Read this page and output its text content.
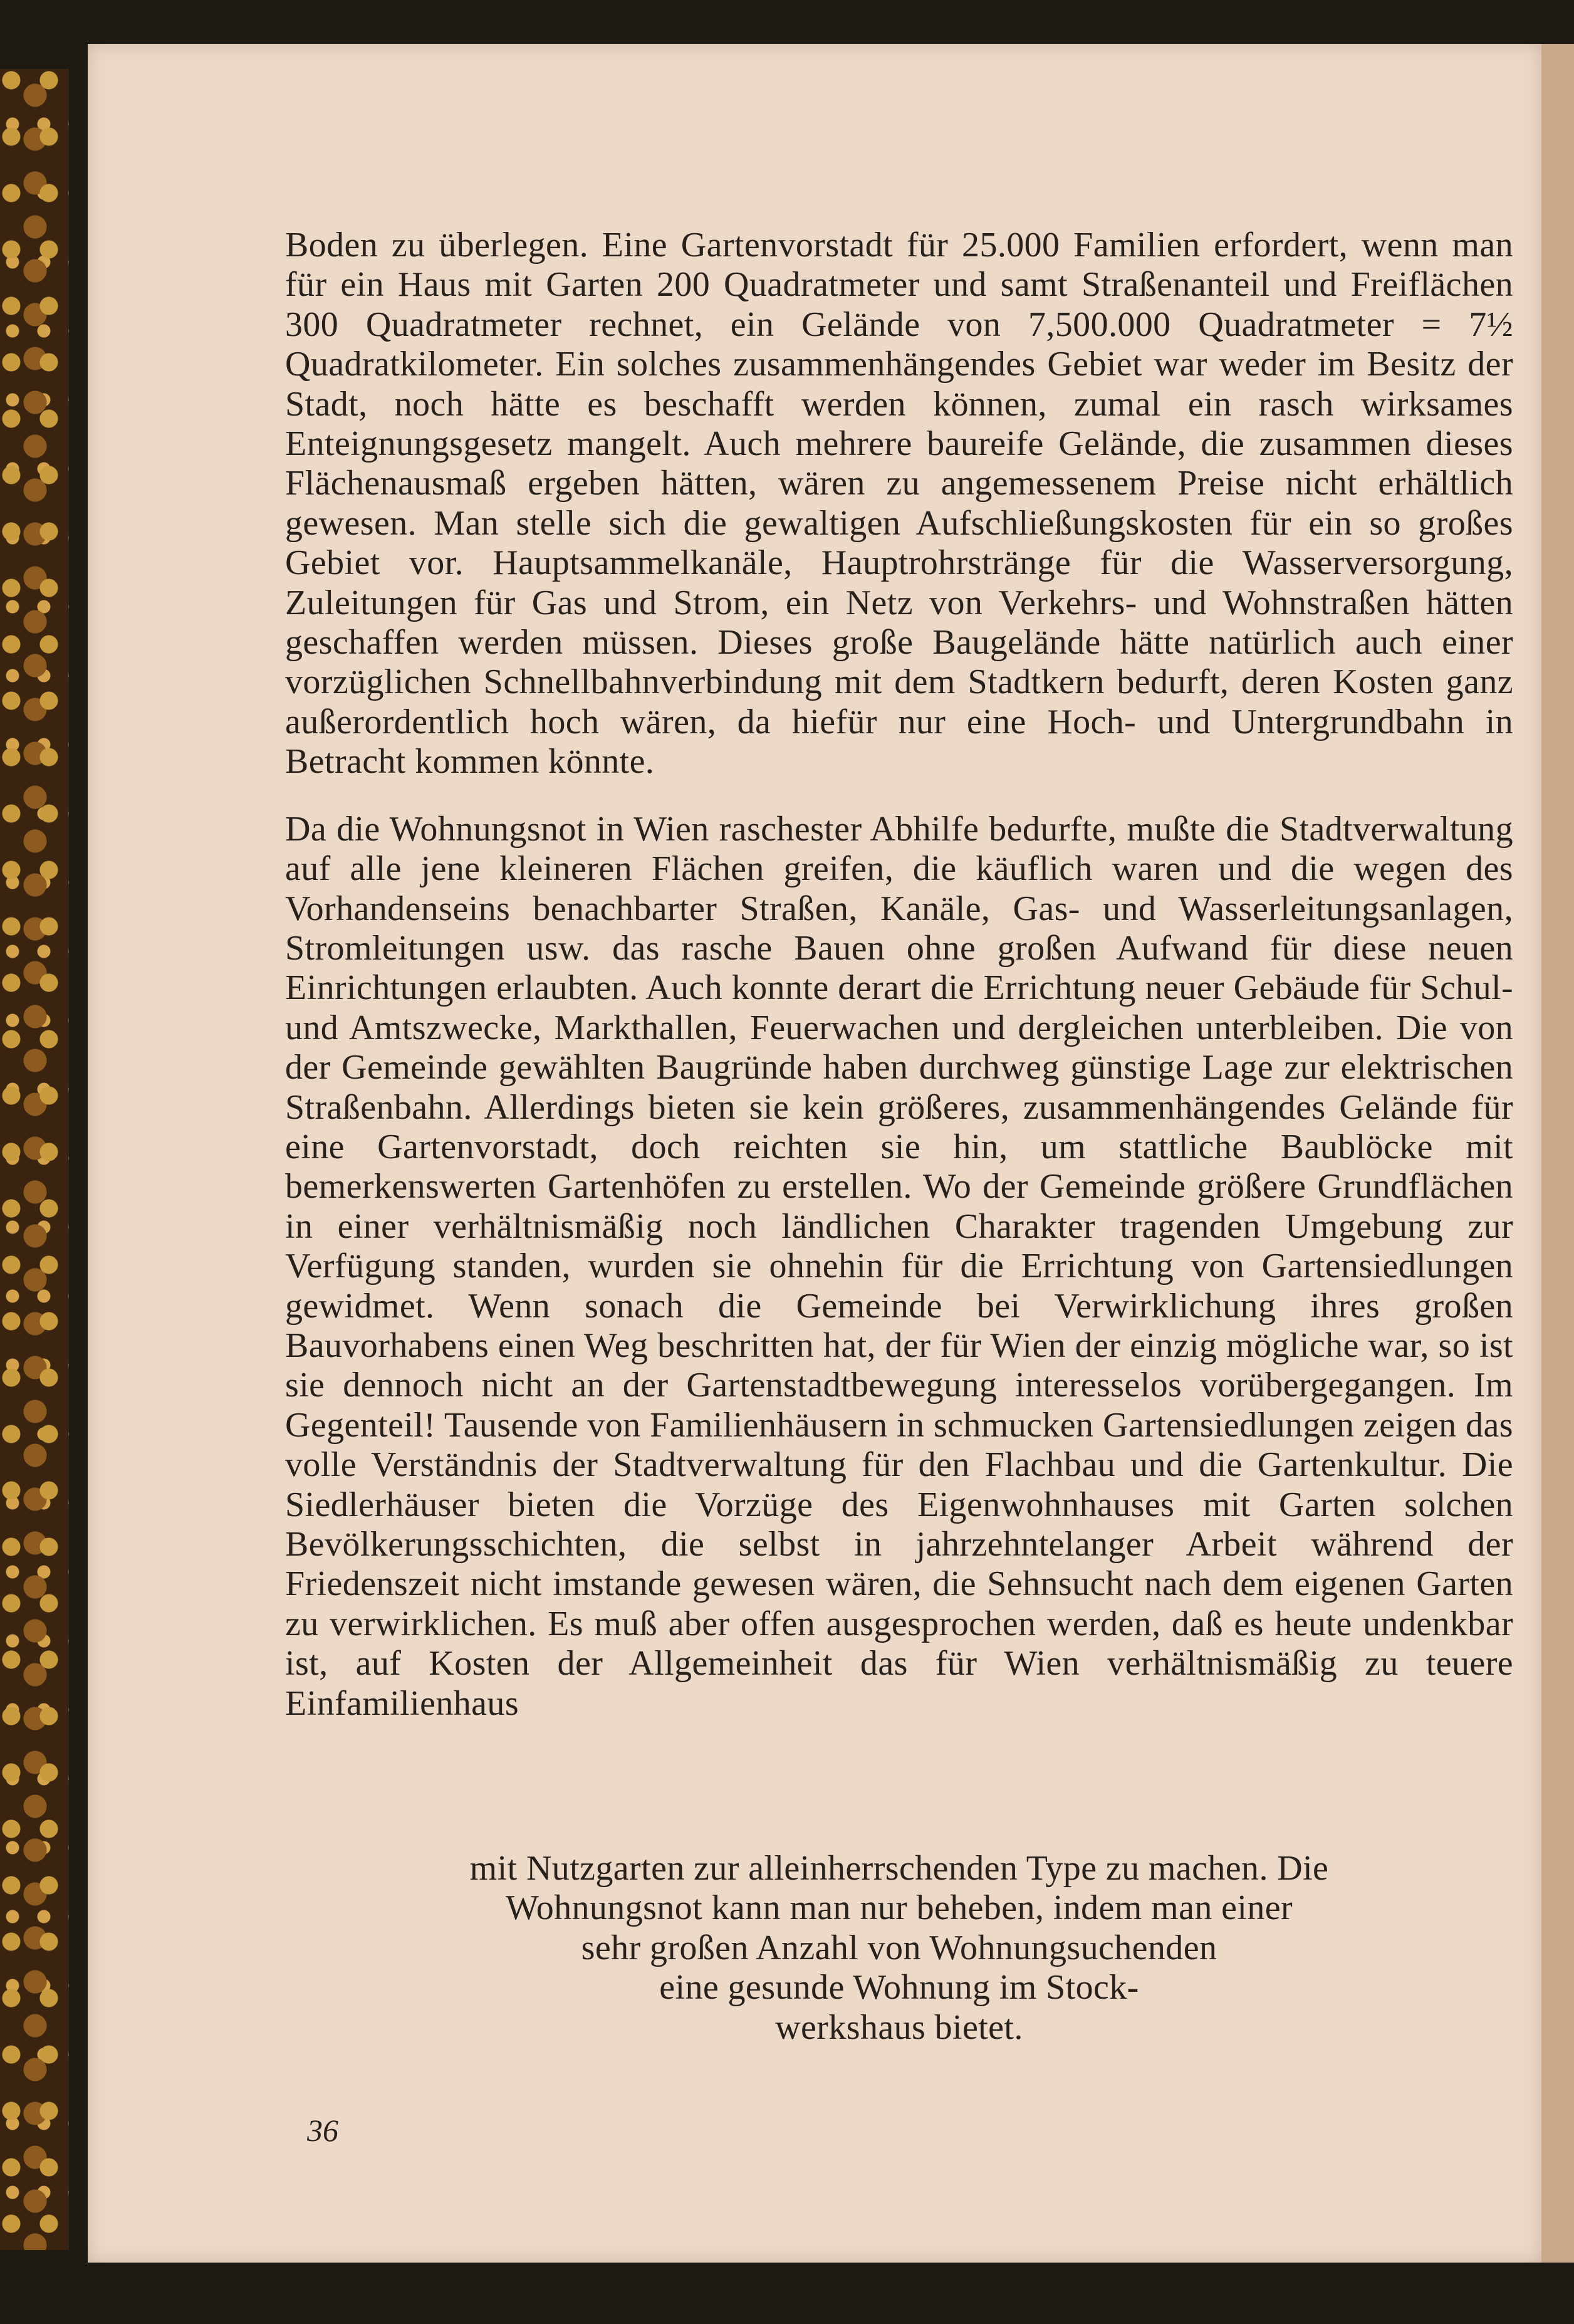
Boden zu überlegen. Eine Gartenvorstadt für 25.000 Familien erfordert, wenn man für ein Haus mit Garten 200 Quadratmeter und samt Straßenanteil und Freiflächen 300 Quadratmeter rechnet, ein Gelände von 7,500.000 Quadratmeter = 7½ Quadratkilometer. Ein solches zusammenhängendes Gebiet war weder im Besitz der Stadt, noch hätte es beschafft werden können, zumal ein rasch wirksames Enteignungsgesetz mangelt. Auch mehrere baureife Gelände, die zusammen dieses Flächenausmaß ergeben hätten, wären zu angemessenem Preise nicht erhältlich gewesen. Man stelle sich die gewaltigen Aufschließungskosten für ein so großes Gebiet vor. Hauptsammelkanäle, Hauptrohrstränge für die Wasserversorgung, Zuleitungen für Gas und Strom, ein Netz von Verkehrs- und Wohnstraßen hätten geschaffen werden müssen. Dieses große Baugelände hätte natürlich auch einer vorzüglichen Schnellbahnverbindung mit dem Stadtkern bedurft, deren Kosten ganz außerordentlich hoch wären, da hiefür nur eine Hoch- und Untergrundbahn in Betracht kommen könnte.

Da die Wohnungsnot in Wien raschester Abhilfe bedurfte, mußte die Stadtverwaltung auf alle jene kleineren Flächen greifen, die käuflich waren und die wegen des Vorhandenseins benachbarter Straßen, Kanäle, Gas- und Wasserleitungsanlagen, Stromleitungen usw. das rasche Bauen ohne großen Aufwand für diese neuen Einrichtungen erlaubten. Auch konnte derart die Errichtung neuer Gebäude für Schul- und Amtszwecke, Markthallen, Feuerwachen und dergleichen unterbleiben. Die von der Gemeinde gewählten Baugründe haben durchweg günstige Lage zur elektrischen Straßenbahn. Allerdings bieten sie kein größeres, zusammenhängendes Gelände für eine Gartenvorstadt, doch reichten sie hin, um stattliche Baublöcke mit bemerkenswerten Gartenhöfen zu erstellen. Wo der Gemeinde größere Grundflächen in einer verhältnismäßig noch ländlichen Charakter tragenden Umgebung zur Verfügung standen, wurden sie ohnehin für die Errichtung von Gartensiedlungen gewidmet. Wenn sonach die Gemeinde bei Verwirklichung ihres großen Bauvorhabens einen Weg beschritten hat, der für Wien der einzig mögliche war, so ist sie dennoch nicht an der Gartenstadtbewegung interesselos vorübergegangen. Im Gegenteil! Tausende von Familienhäusern in schmucken Gartensiedlungen zeigen das volle Verständnis der Stadtverwaltung für den Flachbau und die Gartenkultur. Die Siedlerhäuser bieten die Vorzüge des Eigenwohnhauses mit Garten solchen Bevölkerungsschichten, die selbst in jahrzehntelanger Arbeit während der Friedenszeit nicht imstande gewesen wären, die Sehnsucht nach dem eigenen Garten zu verwirklichen. Es muß aber offen ausgesprochen werden, daß es heute undenkbar ist, auf Kosten der Allgemeinheit das für Wien verhältnismäßig zu teuere Einfamilienhaus

mit Nutzgarten zur alleinherrschenden Type zu machen. Die
Wohnungsnot kann man nur beheben, indem man einer
sehr großen Anzahl von Wohnungsuchenden
eine gesunde Wohnung im Stock-
werkshaus bietet.
36
